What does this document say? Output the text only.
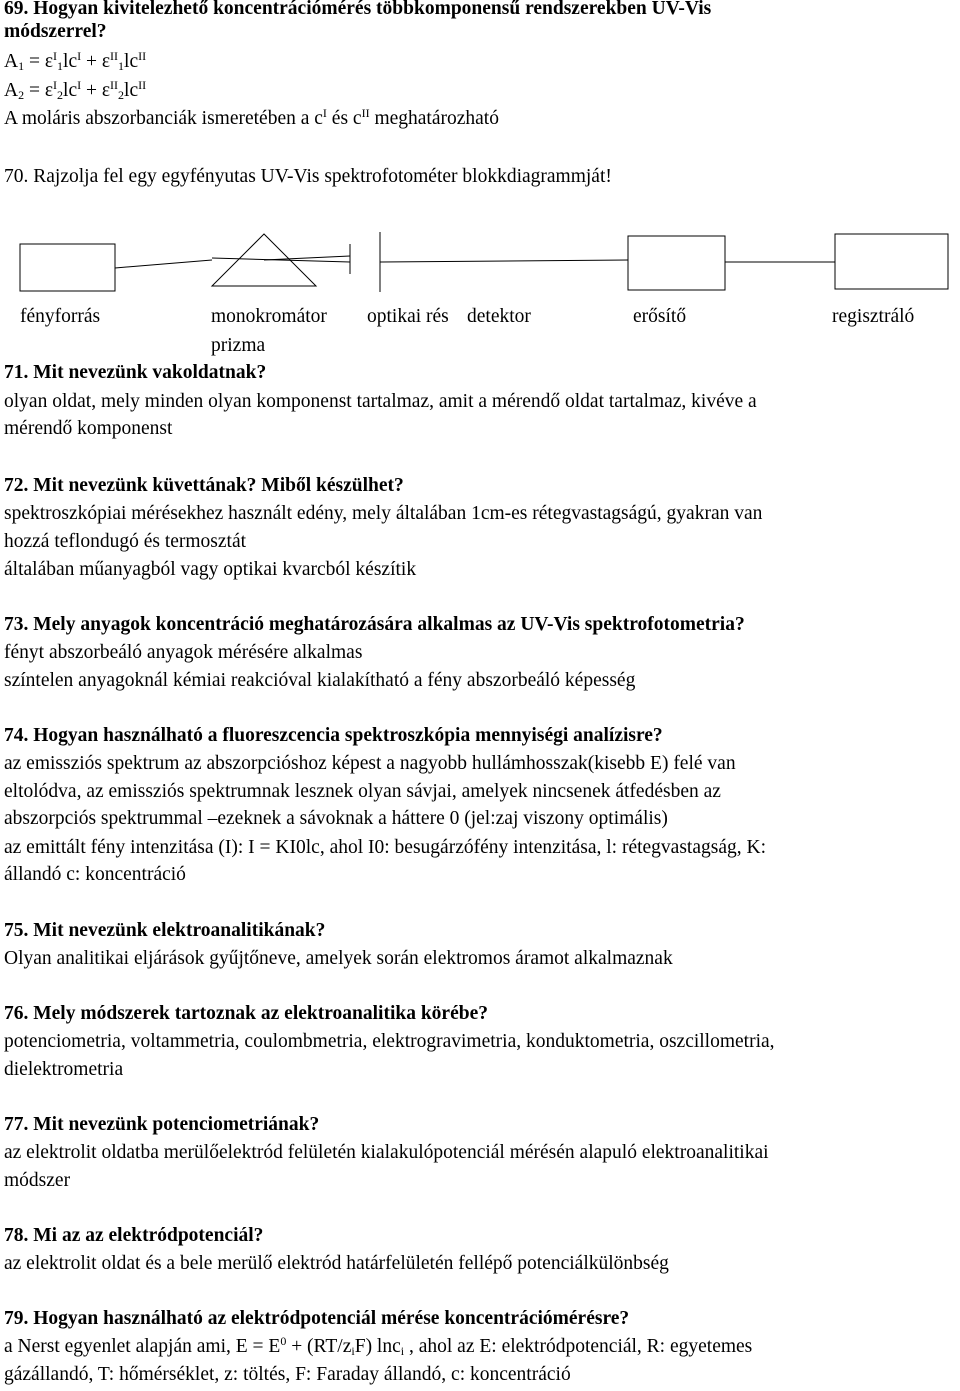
69. Hogyan kivitelezhető koncentrációmérés többkomponensű rendszerekben UV-Vis
módszerrel?
$A_1 = \varepsilon^I_1lc^I + \varepsilon^{II}_1lc^{II}$
$A_2 = \varepsilon^I_2lc^I + \varepsilon^{II}_2lc^{II}$
A moláris abszorbanciák ismeretében a $c^I$ és $c^{II}$ meghatározható
70. Rajzolja fel egy egyfényutas UV-Vis spektrofotométer blokkdiagrammját!
fényforrás	monokromátor
prizma
optikai rés detektor	erősítő	regisztráló
71. Mit nevezünk vakoldatnak?
olyan oldat, mely minden olyan komponenst tartalmaz, amit a mérendő oldat tartalmaz, kivéve a
mérendő komponenst
72. Mit nevezünk küvettának? Miből készülhet?
spektroszkópiai mérésekhez használt edény, mely általában 1cm-es rétegvastagságú, gyakran van
hozzá teflondugó és termosztát
általában műanyagból vagy optikai kvarcból készítik
73. Mely anyagok koncentráció meghatározására alkalmas az UV-Vis spektrofotometria?
fényt abszorbeáló anyagok mérésére alkalmas
színtelen anyagoknál kémiai reakcióval kialakítható a fény abszorbeáló képesség
74. Hogyan használható a fluoreszcencia spektroszkópia mennyiségi analízisre?
az emissziós spektrum az abszorpcióshoz képest a nagyobb hullámhosszak(kisebb E) felé van
eltolódva, az emissziós spektrumnak lesznek olyan sávjai, amelyek nincsenek átfedésben az
abszorpciós spektrummal –ezeknek a sávoknak a háttere 0 (jel:zaj viszony optimális)
az emittált fény intenzitása (I): I = KI0lc, ahol I0: besugárzófény intenzitása, l: rétegvastagság, K:
állandó c: koncentráció
75. Mit nevezünk elektroanalitikának?
Olyan analitikai eljárások gyűjtőneve, amelyek során elektromos áramot alkalmaznak
76. Mely módszerek tartoznak az elektroanalitika körébe?
potenciometria, voltammetria, coulombmetria, elektrogravimetria, konduktometria, oszcillometria,
dielektrometria
77. Mit nevezünk potenciometriának?
az elektrolit oldatba merülőelektród felületén kialakulópotenciál mérésén alapuló elektroanalitikai
módszer
78. Mi az az elektródpotenciál?
az elektrolit oldat és a bele merülő elektród határfelületén fellépő potenciálkülönbség
79. Hogyan használható az elektródpotenciál mérése koncentrációmérésre?
a Nerst egyenlet alapján ami, $E = E^0 + (RT/z_iF)$ lnc$_i$ , ahol az E: elektródpotenciál, R: egyetemes
gázállandó, T: hőmérséklet, z: töltés, F: Faraday állandó, c: koncentráció
